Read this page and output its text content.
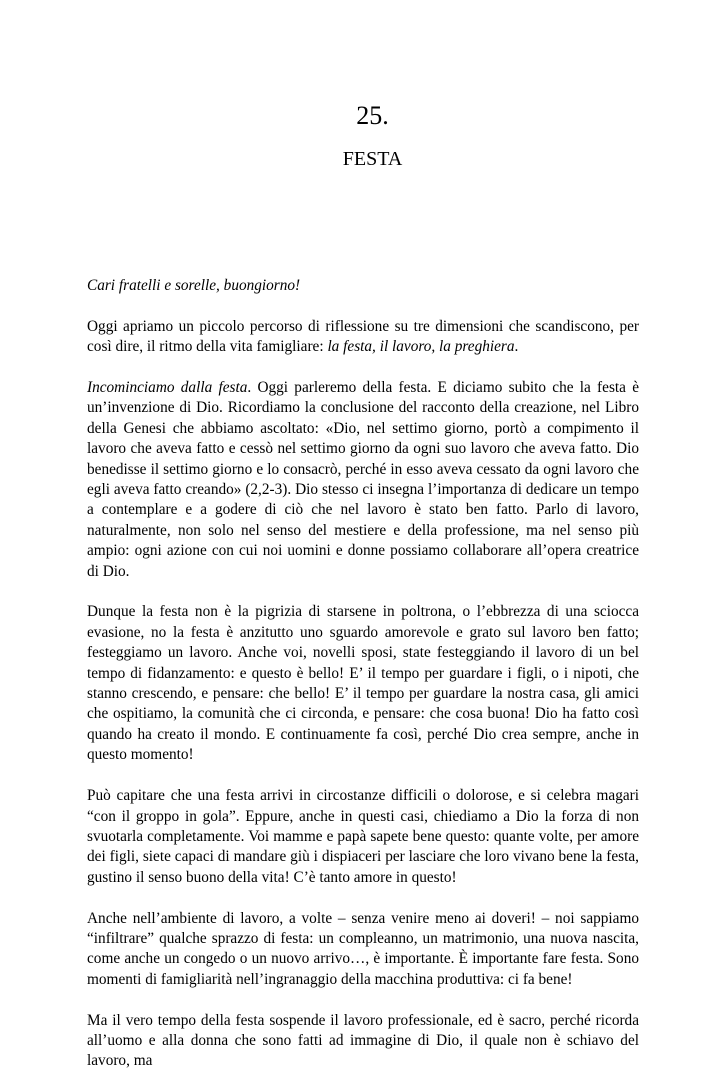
25.
FESTA

Cari fratelli e sorelle, buongiorno!

Oggi apriamo un piccolo percorso di riflessione su tre dimensioni che scandiscono, per così dire, il ritmo della vita famigliare: la festa, il lavoro, la preghiera.

Incominciamo dalla festa. Oggi parleremo della festa. E diciamo subito che la festa è un’invenzione di Dio. Ricordiamo la conclusione del racconto della creazione, nel Libro della Genesi che abbiamo ascoltato: «Dio, nel settimo giorno, portò a compimento il lavoro che aveva fatto e cessò nel settimo giorno da ogni suo lavoro che aveva fatto. Dio benedisse il settimo giorno e lo consacrò, perché in esso aveva cessato da ogni lavoro che egli aveva fatto creando» (2,2-3). Dio stesso ci insegna l’importanza di dedicare un tempo a contemplare e a godere di ciò che nel lavoro è stato ben fatto. Parlo di lavoro, naturalmente, non solo nel senso del mestiere e della professione, ma nel senso più ampio: ogni azione con cui noi uomini e donne possiamo collaborare all’opera creatrice di Dio.

Dunque la festa non è la pigrizia di starsene in poltrona, o l’ebbrezza di una sciocca evasione, no la festa è anzitutto uno sguardo amorevole e grato sul lavoro ben fatto; festeggiamo un lavoro. Anche voi, novelli sposi, state festeggiando il lavoro di un bel tempo di fidanzamento: e questo è bello! E’ il tempo per guardare i figli, o i nipoti, che stanno crescendo, e pensare: che bello! E’ il tempo per guardare la nostra casa, gli amici che ospitiamo, la comunità che ci circonda, e pensare: che cosa buona! Dio ha fatto così quando ha creato il mondo. E continuamente fa così, perché Dio crea sempre, anche in questo momento!

Può capitare che una festa arrivi in circostanze difficili o dolorose, e si celebra magari “con il groppo in gola”. Eppure, anche in questi casi, chiediamo a Dio la forza di non svuotarla completamente. Voi mamme e papà sapete bene questo: quante volte, per amore dei figli, siete capaci di mandare giù i dispiaceri per lasciare che loro vivano bene la festa, gustino il senso buono della vita! C’è tanto amore in questo!

Anche nell’ambiente di lavoro, a volte – senza venire meno ai doveri! – noi sappiamo “infiltrare” qualche sprazzo di festa: un compleanno, un matrimonio, una nuova nascita, come anche un congedo o un nuovo arrivo…, è importante. È importante fare festa. Sono momenti di famigliarità nell’ingranaggio della macchina produttiva: ci fa bene!

Ma il vero tempo della festa sospende il lavoro professionale, ed è sacro, perché ricorda all’uomo e alla donna che sono fatti ad immagine di Dio, il quale non è schiavo del lavoro, ma
